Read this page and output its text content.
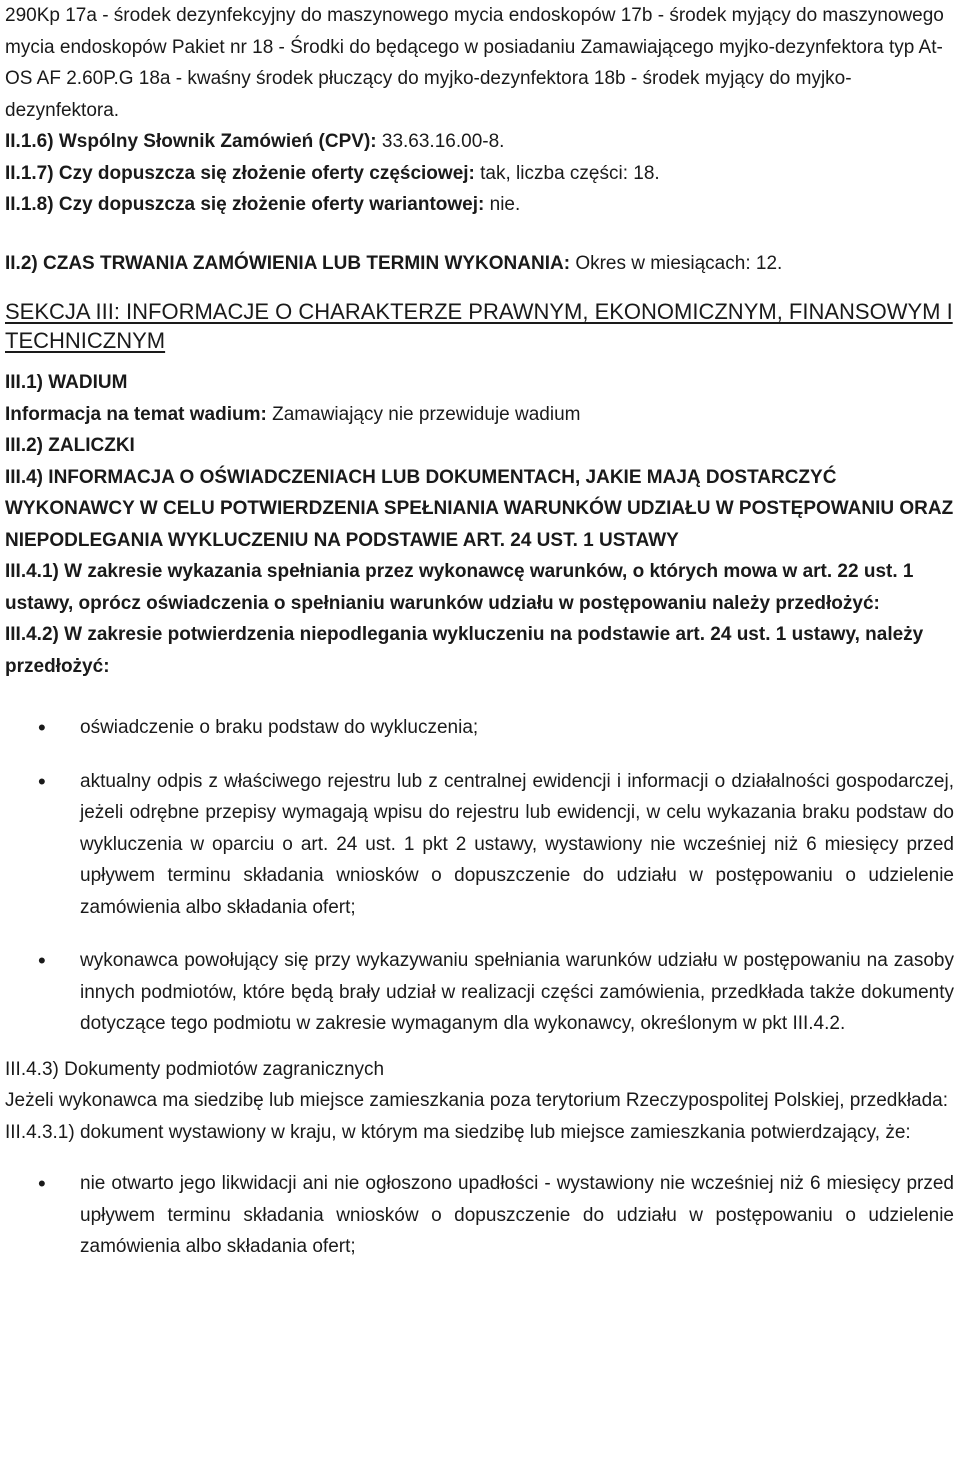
290Kp 17a - środek dezynfekcyjny do maszynowego mycia endoskopów 17b - środek myjący do maszynowego mycia endoskopów Pakiet nr 18 - Środki do będącego w posiadaniu Zamawiającego myjko-dezynfektora typ At-OS AF 2.60P.G 18a - kwaśny środek płuczący do myjko-dezynfektora 18b - środek myjący do myjko-dezynfektora.

II.1.6) Wspólny Słownik Zamówień (CPV): 33.63.16.00-8.

II.1.7) Czy dopuszcza się złożenie oferty częściowej: tak, liczba części: 18.

II.1.8) Czy dopuszcza się złożenie oferty wariantowej: nie.

II.2) CZAS TRWANIA ZAMÓWIENIA LUB TERMIN WYKONANIA: Okres w miesiącach: 12.

SEKCJA III: INFORMACJE O CHARAKTERZE PRAWNYM, EKONOMICZNYM, FINANSOWYM I TECHNICZNYM

III.1) WADIUM

Informacja na temat wadium: Zamawiający nie przewiduje wadium

III.2) ZALICZKI

III.4) INFORMACJA O OŚWIADCZENIACH LUB DOKUMENTACH, JAKIE MAJĄ DOSTARCZYĆ WYKONAWCY W CELU POTWIERDZENIA SPEŁNIANIA WARUNKÓW UDZIAŁU W POSTĘPOWANIU ORAZ NIEPODLEGANIA WYKLUCZENIU NA PODSTAWIE ART. 24 UST. 1 USTAWY

III.4.1) W zakresie wykazania spełniania przez wykonawcę warunków, o których mowa w art. 22 ust. 1 ustawy, oprócz oświadczenia o spełnianiu warunków udziału w postępowaniu należy przedłożyć:

III.4.2) W zakresie potwierdzenia niepodlegania wykluczeniu na podstawie art. 24 ust. 1 ustawy, należy przedłożyć:

• oświadczenie o braku podstaw do wykluczenia;
• aktualny odpis z właściwego rejestru lub z centralnej ewidencji i informacji o działalności gospodarczej, jeżeli odrębne przepisy wymagają wpisu do rejestru lub ewidencji, w celu wykazania braku podstaw do wykluczenia w oparciu o art. 24 ust. 1 pkt 2 ustawy, wystawiony nie wcześniej niż 6 miesięcy przed upływem terminu składania wniosków o dopuszczenie do udziału w postępowaniu o udzielenie zamówienia albo składania ofert;
• wykonawca powołujący się przy wykazywaniu spełniania warunków udziału w postępowaniu na zasoby innych podmiotów, które będą brały udział w realizacji części zamówienia, przedkłada także dokumenty dotyczące tego podmiotu w zakresie wymaganym dla wykonawcy, określonym w pkt III.4.2.

III.4.3) Dokumenty podmiotów zagranicznych

Jeżeli wykonawca ma siedzibę lub miejsce zamieszkania poza terytorium Rzeczypospolitej Polskiej, przedkłada:

III.4.3.1) dokument wystawiony w kraju, w którym ma siedzibę lub miejsce zamieszkania potwierdzający, że:

• nie otwarto jego likwidacji ani nie ogłoszono upadłości - wystawiony nie wcześniej niż 6 miesięcy przed upływem terminu składania wniosków o dopuszczenie do udziału w postępowaniu o udzielenie zamówienia albo składania ofert;
